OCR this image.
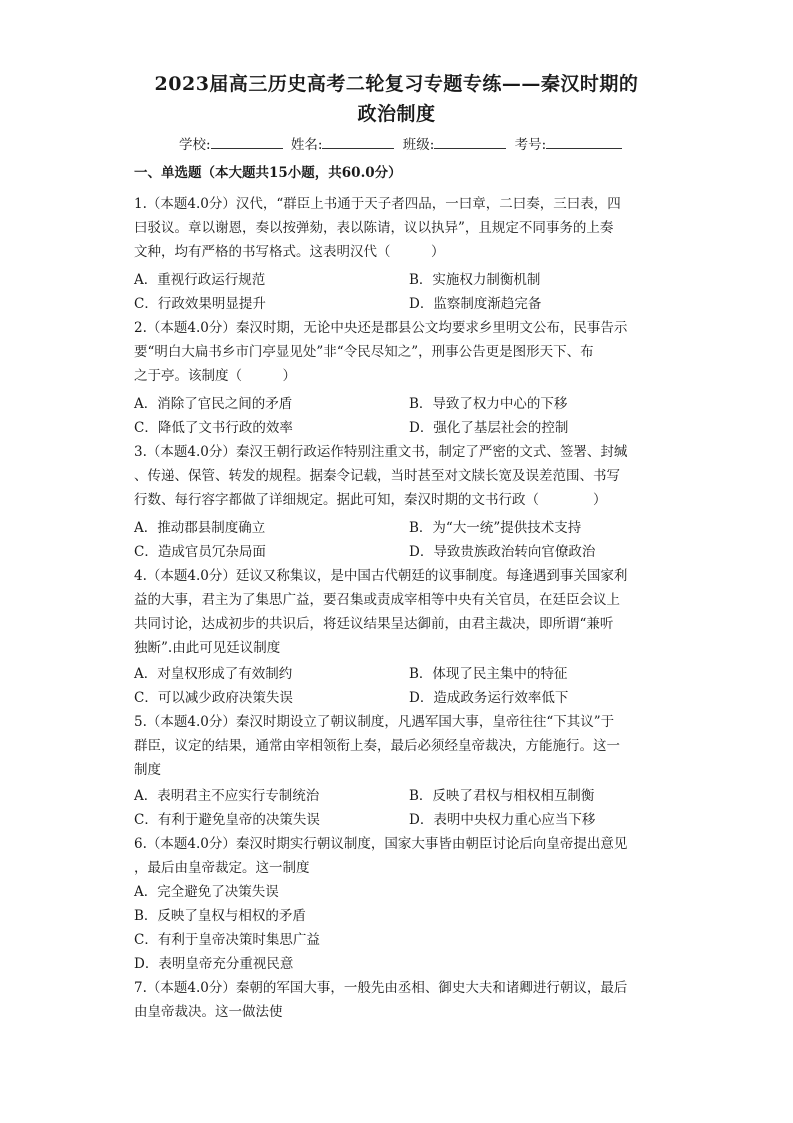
2023届高三历史高考二轮复习专题专练——秦汉时期的
政治制度
学校:	姓名:	班级:	考号:
一、单选题（本大题共15小题，共60.0分）
1.（本题4.0分）汉代，“群臣上书通于天子者四品，一曰章，二曰奏，三曰表，四
曰驳议。章以谢恩，奏以按弹劾，表以陈请，议以执异”，且规定不同事务的上奏
文种，均有严格的书写格式。这表明汉代（　　　）
A．重视行政运行规范	B．实施权力制衡机制
C．行政效果明显提升	D．监察制度渐趋完备
2.（本题4.0分）秦汉时期，无论中央还是郡县公文均要求乡里明文公布，民事告示
要“明白大扁书乡市门亭显见处”非“令民尽知之”，刑事公告更是图形天下、布
之于亭。该制度（　　　）
A．消除了官民之间的矛盾	B．导致了权力中心的下移
C．降低了文书行政的效率	D．强化了基层社会的控制
3.（本题4.0分）秦汉王朝行政运作特别注重文书，制定了严密的文式、签署、封缄
、传递、保管、转发的规程。据秦令记载，当时甚至对文牍长宽及误差范围、书写
行数、每行容字都做了详细规定。据此可知，秦汉时期的文书行政（　　　　）
A．推动郡县制度确立	B．为“大一统”提供技术支持
C．造成官员冗杂局面	D．导致贵族政治转向官僚政治
4.（本题4.0分）廷议又称集议，是中国古代朝廷的议事制度。每逢遇到事关国家利
益的大事，君主为了集思广益，要召集或责成宰相等中央有关官员，在廷臣会议上
共同讨论，达成初步的共识后，将廷议结果呈达御前，由君主裁决，即所谓“兼听
独断”.由此可见廷议制度
A．对皇权形成了有效制约	B．体现了民主集中的特征
C．可以减少政府决策失误	D．造成政务运行效率低下
5.（本题4.0分）秦汉时期设立了朝议制度，凡遇军国大事，皇帝往往“下其议”于
群臣，议定的结果，通常由宰相领衔上奏，最后必须经皇帝裁决，方能施行。这一
制度
A．表明君主不应实行专制统治	B．反映了君权与相权相互制衡
C．有利于避免皇帝的决策失误	D．表明中央权力重心应当下移
6.（本题4.0分）秦汉时期实行朝议制度，国家大事皆由朝臣讨论后向皇帝提出意见
，最后由皇帝裁定。这一制度
A．完全避免了决策失误
B．反映了皇权与相权的矛盾
C．有利于皇帝决策时集思广益
D．表明皇帝充分重视民意
7.（本题4.0分）秦朝的军国大事，一般先由丞相、御史大夫和诸卿进行朝议，最后
由皇帝裁决。这一做法使
